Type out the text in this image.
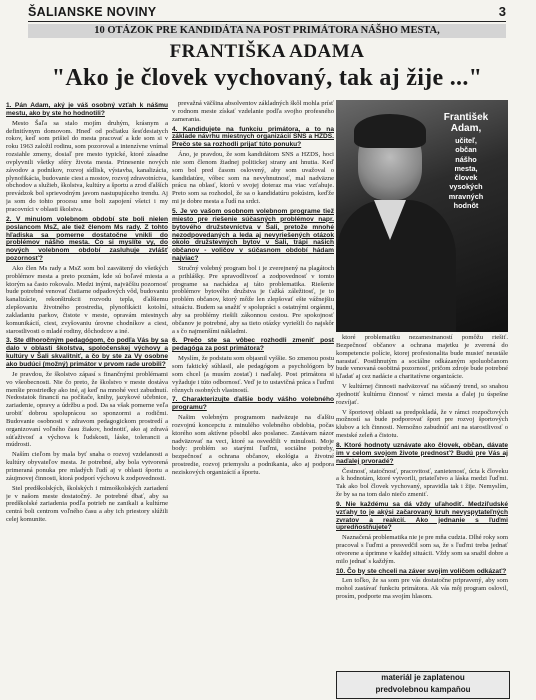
ŠALIANSKE NOVINY	3
10 OTÁZOK PRE KANDIDÁTA NA POST PRIMÁTORA NÁŠHO MESTA,
FRANTIŠKA ADAMA
"Ako je človek vychovaný, tak aj žije ..."
1. Pán Adam, aký je váš osobný vzťah k nášmu mestu, ako by ste ho hodnotili?
Mesto Šaľa sa stalo mojím druhým, krásnym a definitívnym domovom. Hneď od počiatku šesťdesiatych rokov, keď som prišiel do mesta pracovať a kde som si v roku 1963 založil rodinu, som pozoroval a intenzívne vnímal rozsiahle zmeny, dosiaľ pre mesto typické, ktoré zásadne ovplyvnili všetky sféry života mesta. Prinesenie nových závodov a podnikov, rozvoj sídlisk, výstavba, kanalizácia, plynofikácia, budovanie ciest a mostov, rozvoj zdravotníctva, obchodov a služieb, školstva, kultúry a športu a zrod ďalších prevádzok bol sprievodným javom nastupujúceho trendu. Aj ja som do tohto procesu sme boli zapojení všetci i my pracovníci v oblasti školstva.
2. V minulom volebnom období ste boli nielen poslancom MsZ, ale tiež členom Ms rady. Z tohto hľadiska sa pomerne dostatočne vnikli do problémov nášho mesta. Čo si myslíte vy, do nových volebnom období zasluhuje zvlášť pozornosť?
Ako člen Ms rady a MsZ som bol zasvätený do všetkých problémov mesta a preto poznám, kde sú boľavé miesta a ktorým sa často rokovalo. Medzi inými, najväčšiu pozornosť bude potrebné venovať čistiarne odpadových vôd, budovaniu kanalizácie, rekonštrukcii rozvodu tepla, ďalšiemu zlepšovaniu životného prostredia, plynofikácii kotolní, zakladaniu parkov, čistote v meste, opravám miestnych komunikácií, ciest, zvyšovaniu úrovne chodníkov a ciest, starostlivosti o mladé rodiny, dôchodcov a iné.
3. Ste dlhoročným pedagógom, čo podľa Vás by sa dalo v oblasti školstva, spoločenskej výchovy a kultúry v Šali skvalitniť, a čo by ste za Vy osobne ako budúci (možný) primátor v prvom rade urobili?
Je pravdou, že školstvo zápasí s finančnými problémami vo všeobecnosti. Nie čo preto, že školstvo v meste dostáva menšie prostriedky ako iné, aj keď na mnohé veci zabudnutí. Nedostatok financií na počítače, knihy, jazykové učebnice, zariadenie, opravy a údržbu a pod. Da sa však pomerne veľa urobiť dobrou spoluprácou so sponzormi a rodičmi. Budovanie osobnosti v zdravom pedagogickom prostredí a organizovaní voľného času žiakov, hodnotiť, ako aj zdravá súťaživosť a výchova k ľudskosti, láske, tolerancii a múdrosti.
Naším cieľom by mala byť snaha o rozvoj vzdelanosti a kultúry obyvateľov mesta. Je potrebné, aby bola vytvorená primeraná ponuka pre mladých ľudí aj v oblasti športu a záujmovej činnosti, ktorá podporí výchovu k zodpovednosti.
Stel predškolských, školských i mimoškolských zariadení je v našom meste dostatočný. Je potrebné dbať, aby sa predškolské zariadenia podľa potrieb ne zanikali a kultúrne centrá boli centrom voľného času a aby ich priestory slúžili celej komunite.
prevažná väčšina absolventov základných škôl mohla prísť v rodnom meste získať vzdelanie podľa svojho profesného zamerania.
4. Kandidujete na funkciu primátora, a to na základe návrhu miestnych organizácií SNS a HZDS. Prečo ste sa rozhodli prijať túto ponuku?
Áno, je pravdou, že som kandidátom SNS a HZDS, hoci nie som členom žiadnej politickej strany ani hnutia. Keď som bol pred časom oslovený, aby som uvažoval o kandidatúre, vôbec som na nevyhnutnosť, mal nadväzne prácu na oblasť, ktorú v svojej doteraz ma viac vzťahuje. Preto som sa rozhodol, že sa o kandidatúru pokúsim, keďže mi je dobre mesta a ľudí na srdci.
5. Je vo vašom osobnom volebnom programe tiež miesto pre riešenie súčasných problémov napr. bytového družstevníctva v Šali, pretože mnohé nezodpovedaných a leda aj nevyriešených otázok okolo družstevných bytov v Šali, trápi našich občanov - voličov v súčasnom období hádam najviac?
Stručný volebný program bol i je zverejnený na plagátoch a prihlášky. Pre spravodlivosť a zodpovednosť v tomto programe sa nachádza aj táto problematika. Riešenie problémov bytového družstva je ťažká záležitosť, je to problém občanov, ktorý môže len zlepšovať ešte vážnejšiu situáciu. Budem sa snažiť v spolupráci s ostatnými orgánmi, aby sa problémy riešili zákonnou cestou. Pre spokojnosť občanov je potrebné, aby sa tieto otázky vyriešili čo najskôr a s čo najmenšími nákladmi.
6. Prečo ste sa vôbec rozhodli zmeniť post pedagóga za post primátora?
Myslím, že podstatu som objasnil vyššie. So zmenou postu som faktický súhlasil, ale pedagógom a psychológom by som chcel (a musím zostať) i naďalej. Post primátora si vyžaduje i túto odbornosť. Veď je to ustavičná práca s ľuďmi rôznych osobných vlastností.
7. Charakterizujte ďalšie body vášho volebného programu?
Našim volebným programom nadväzuje na ďalšiu rozvojnú koncepciu z minulého volebného obdobia, počas ktorého som aktívne pôsobil ako poslanec. Zastávam názor nadväzovať na veci, ktoré sa osvedčili v minulosti. Moje body: problém so starými ľuďmi, sociálne potreby, bezpečnosť a ochrana občanov, ekológia a životné prostredie, rozvoj priemyslu a podnikania, ako aj podpora neziskových organizácií a športu.
František Adam,
učiteľ,
občan
nášho
mesta,
človek
vysokých
mravných
hodnôt
ktoré problematiku nezamestnaností pomôžu riešiť. Bezpečnosť občanov a ochrana majetku je zverená do kompetencie polície, ktorej profesionalita bude musieť neustále narastať. Postihnutým a sociálne odkázaným spoluobčanom bude venovaná osobitná pozornosť, pričom zdroje bude potrebné hľadať aj cez nadácie a charitatívne organizácie.
V kultúrnej činnosti nadväzovať na súčasný trend, so snahou zjednotiť kultúrnu činnosť v rámci mesta a ďalej ju úspešne rozvíjať.
V športovej oblasti sa predpokladá, že v rámci rozpočtových možností sa bude podporovať šport pre rozvoj športových klubov a ich činnosti. Nemožno zabudnúť ani na starostlivosť o mestské zeleň a čistotu.
8. Ktoré hodnoty uznávate ako človek, občan, dávate im v celom svojom živote prednosť? Budú pre Vás aj naďalej prvoradé?
Čestnosť, statočnosť, pracovitosť, zanietenosť, úcta k človeku a k hodnotám, ktoré vytvorili, priateľstvo a láska medzi ľuďmi. Tak ako bol človek vychovaný, spravidla tak i žije. Nemyslím, že by sa na tom dalo niečo zmeniť.
9. Nie každému sa dá vždy uľahodiť. Medziľudské vzťahy to je akýsi začarovaný kruh nevyspytateľných zvratov a reakcií. Ako jednanie s ľuďmi upredňostňujete?
Naznačená problematika nie je pre mňa cudzia. Dlhé roky som pracoval s ľuďmi a presvedčil som sa, že s ľuďmi treba jednať otvorene a úprimne v každej situácii. Vždy som sa snažil dobre a milo jednať s každým.
10. Čo by ste chceli na záver svojim voličom odkázať?
Len toľko, že sa som pre vás dostatočne pripravený, aby som mohol zastávať funkciu primátora. Ak vás môj program oslovil, prosím, podporte ma svojím hlasom.
materiál je zaplatenou
predvolebnou kampaňou
